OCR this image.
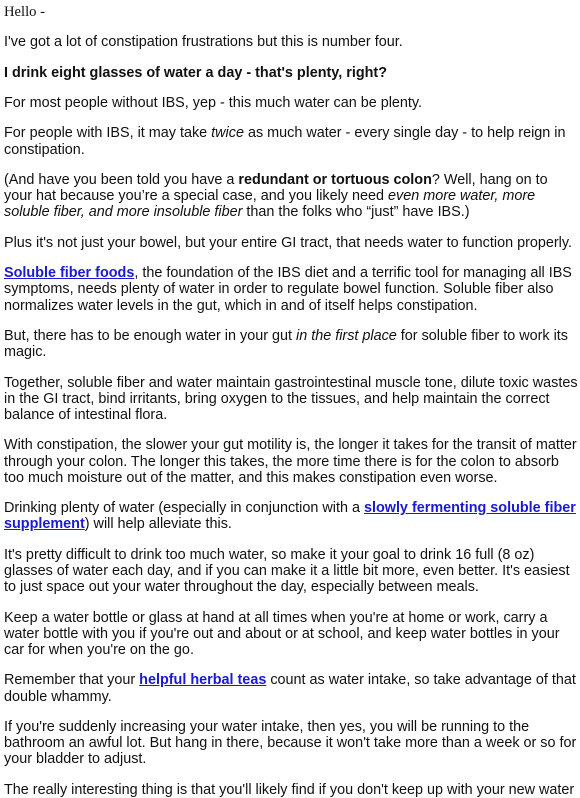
Hello -

I've got a lot of constipation frustrations but this is number four.

I drink eight glasses of water a day - that's plenty, right?

For most people without IBS, yep - this much water can be plenty.

For people with IBS, it may take twice as much water - every single day - to help reign in constipation.

(And have you been told you have a redundant or tortuous colon? Well, hang on to your hat because you’re a special case, and you likely need even more water, more soluble fiber, and more insoluble fiber than the folks who “just” have IBS.)

Plus it's not just your bowel, but your entire GI tract, that needs water to function properly.

Soluble fiber foods, the foundation of the IBS diet and a terrific tool for managing all IBS symptoms, needs plenty of water in order to regulate bowel function. Soluble fiber also normalizes water levels in the gut, which in and of itself helps constipation.

But, there has to be enough water in your gut in the first place for soluble fiber to work its magic.

Together, soluble fiber and water maintain gastrointestinal muscle tone, dilute toxic wastes in the GI tract, bind irritants, bring oxygen to the tissues, and help maintain the correct balance of intestinal flora.

With constipation, the slower your gut motility is, the longer it takes for the transit of matter through your colon. The longer this takes, the more time there is for the colon to absorb too much moisture out of the matter, and this makes constipation even worse.

Drinking plenty of water (especially in conjunction with a slowly fermenting soluble fiber supplement) will help alleviate this.

It's pretty difficult to drink too much water, so make it your goal to drink 16 full (8 oz) glasses of water each day, and if you can make it a little bit more, even better. It's easiest to just space out your water throughout the day, especially between meals.

Keep a water bottle or glass at hand at all times when you're at home or work, carry a water bottle with you if you're out and about or at school, and keep water bottles in your car for when you're on the go.

Remember that your helpful herbal teas count as water intake, so take advantage of that double whammy.

If you're suddenly increasing your water intake, then yes, you will be running to the bathroom an awful lot. But hang in there, because it won't take more than a week or so for your bladder to adjust.

The really interesting thing is that you'll likely find if you don't keep up with your new water
